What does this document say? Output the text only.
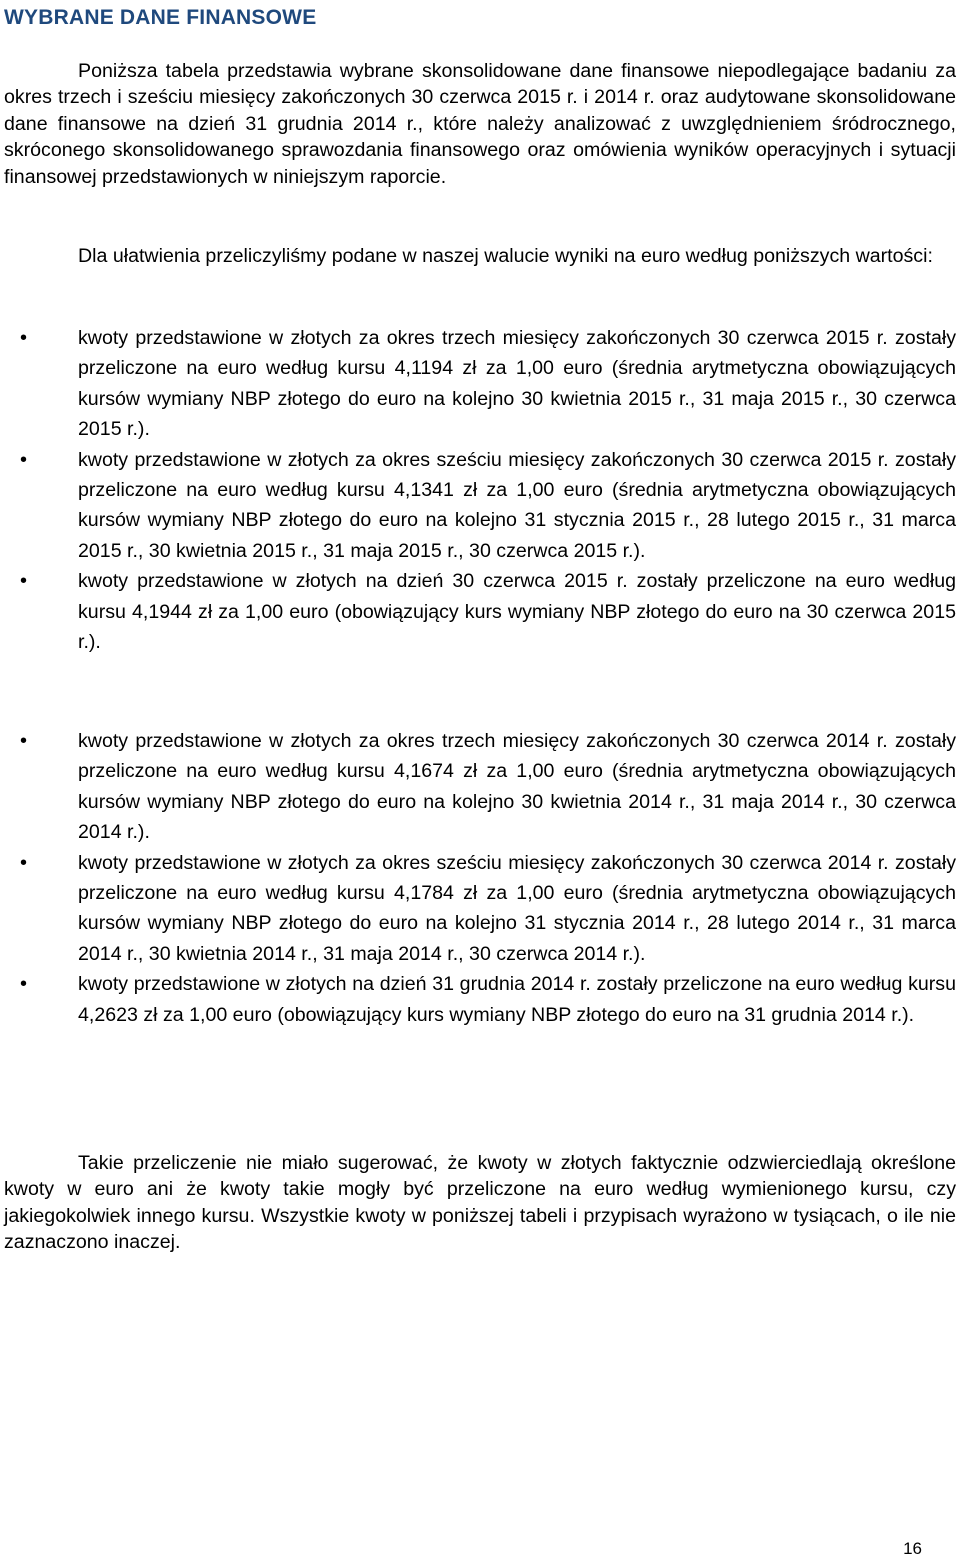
WYBRANE DANE FINANSOWE

Poniższa tabela przedstawia wybrane skonsolidowane dane finansowe niepodlegające badaniu za okres trzech i sześciu miesięcy zakończonych 30 czerwca 2015 r. i 2014 r. oraz audytowane skonsolidowane dane finansowe na dzień 31 grudnia 2014 r., które należy analizować z uwzględnieniem śródrocznego, skróconego skonsolidowanego sprawozdania finansowego oraz omówienia wyników operacyjnych i sytuacji finansowej przedstawionych w niniejszym raporcie.

Dla ułatwienia przeliczyliśmy podane w naszej walucie wyniki na euro według poniższych wartości:

•	kwoty przedstawione w złotych za okres trzech miesięcy zakończonych 30 czerwca 2015 r. zostały przeliczone na euro według kursu 4,1194 zł za 1,00 euro (średnia arytmetyczna obowiązujących kursów wymiany NBP złotego do euro na kolejno 30 kwietnia 2015 r., 31 maja 2015 r., 30 czerwca 2015 r.).
•	kwoty przedstawione w złotych za okres sześciu miesięcy zakończonych 30 czerwca 2015 r. zostały przeliczone na euro według kursu 4,1341 zł za 1,00 euro (średnia arytmetyczna obowiązujących kursów wymiany NBP złotego do euro na kolejno 31 stycznia 2015 r., 28 lutego 2015 r., 31 marca 2015 r., 30 kwietnia 2015 r., 31 maja 2015 r., 30 czerwca 2015 r.).
•	kwoty przedstawione w złotych na dzień 30 czerwca 2015 r. zostały przeliczone na euro według kursu 4,1944 zł za 1,00 euro (obowiązujący kurs wymiany NBP złotego do euro na 30 czerwca 2015 r.).
•	kwoty przedstawione w złotych za okres trzech miesięcy zakończonych 30 czerwca 2014 r. zostały przeliczone na euro według kursu 4,1674 zł za 1,00 euro (średnia arytmetyczna obowiązujących kursów wymiany NBP złotego do euro na kolejno 30 kwietnia 2014 r., 31 maja 2014 r., 30 czerwca 2014 r.).
•	kwoty przedstawione w złotych za okres sześciu miesięcy zakończonych 30 czerwca 2014 r. zostały przeliczone na euro według kursu 4,1784 zł za 1,00 euro (średnia arytmetyczna obowiązujących kursów wymiany NBP złotego do euro na kolejno 31 stycznia 2014 r., 28 lutego 2014 r., 31 marca 2014 r., 30 kwietnia 2014 r., 31 maja 2014 r., 30 czerwca 2014 r.).
•	kwoty przedstawione w złotych na dzień 31 grudnia 2014 r. zostały przeliczone na euro według kursu 4,2623 zł za 1,00 euro (obowiązujący kurs wymiany NBP złotego do euro na 31 grudnia 2014 r.).

Takie przeliczenie nie miało sugerować, że kwoty w złotych faktycznie odzwierciedlają określone kwoty w euro ani że kwoty takie mogły być przeliczone na euro według wymienionego kursu, czy jakiegokolwiek innego kursu. Wszystkie kwoty w poniższej tabeli i przypisach wyrażono w tysiącach, o ile nie zaznaczono inaczej.

16
